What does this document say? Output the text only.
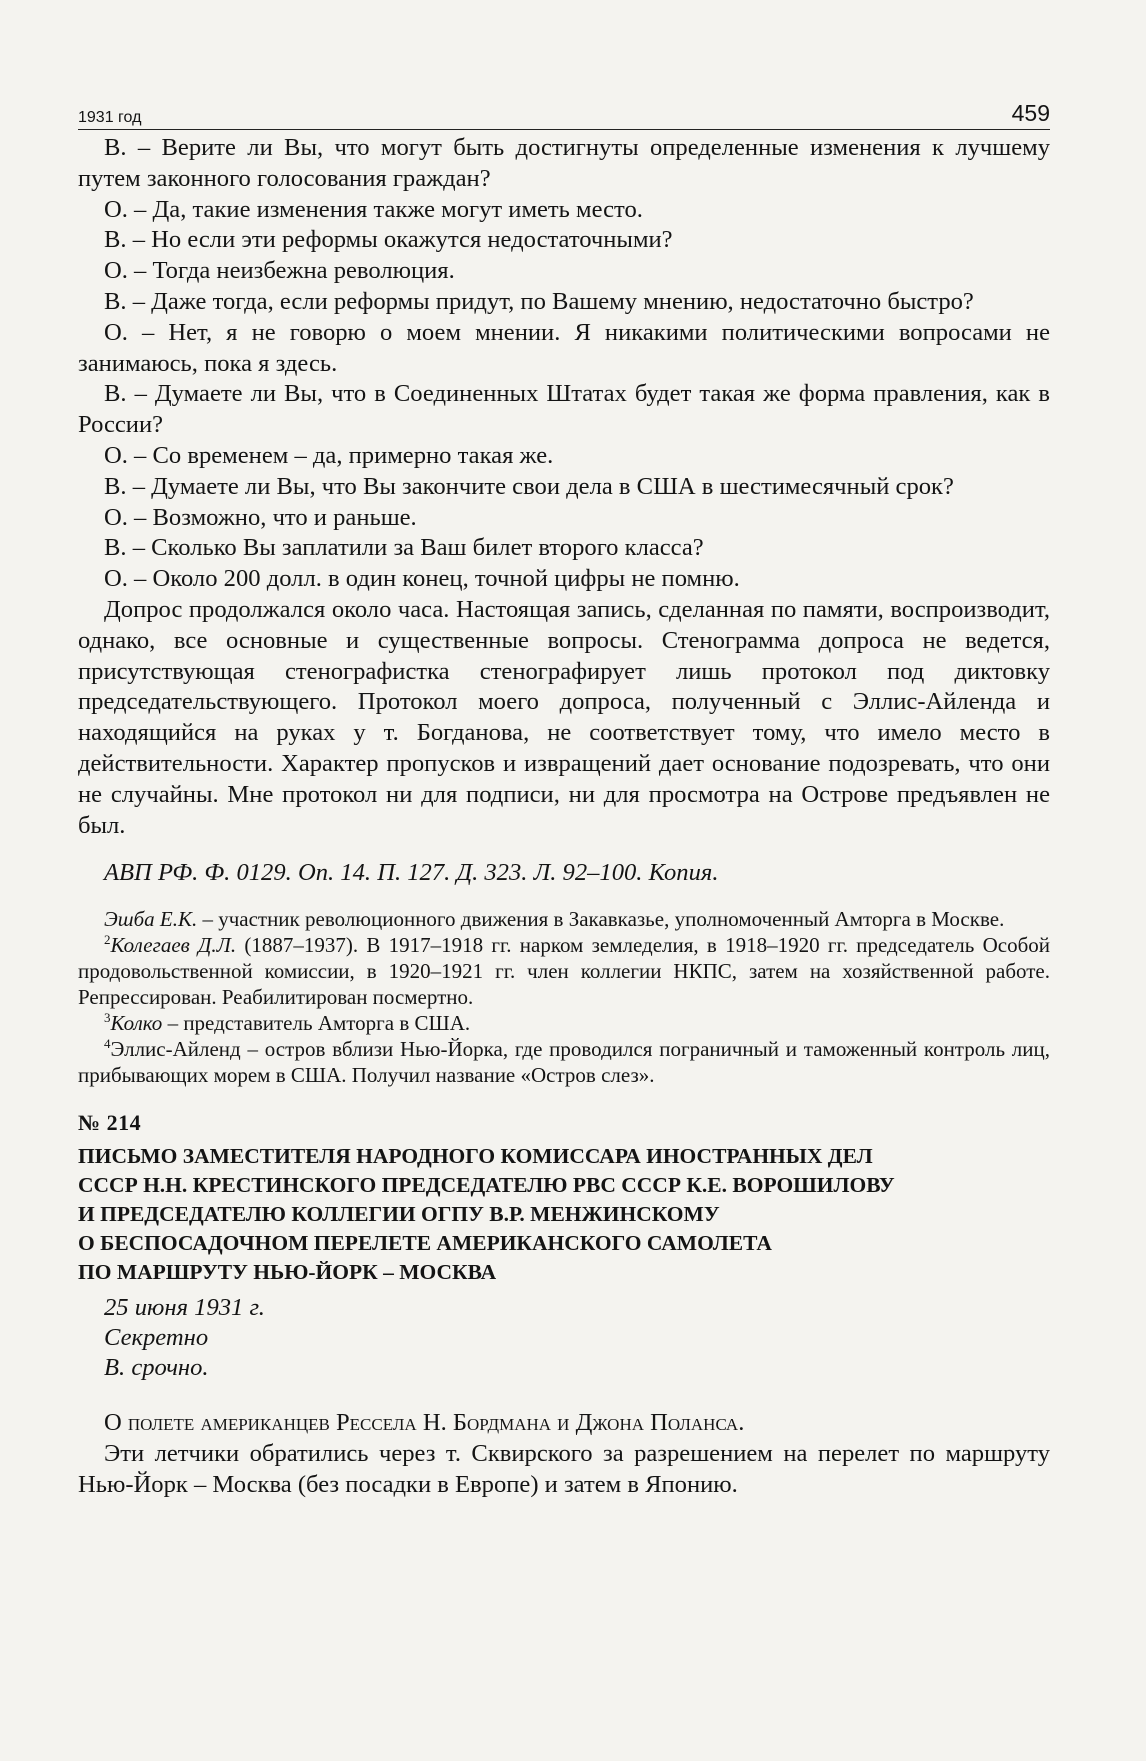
1931 год	459

В. – Верите ли Вы, что могут быть достигнуты определенные изменения к лучшему путем законного голосования граждан?

О. – Да, такие изменения также могут иметь место.

В. – Но если эти реформы окажутся недостаточными?

О. – Тогда неизбежна революция.

В. – Даже тогда, если реформы придут, по Вашему мнению, недостаточно быстро?

О. – Нет, я не говорю о моем мнении. Я никакими политическими вопросами не занимаюсь, пока я здесь.

В. – Думаете ли Вы, что в Соединенных Штатах будет такая же форма правления, как в России?

О. – Со временем – да, примерно такая же.

В. – Думаете ли Вы, что Вы закончите свои дела в США в шестимесячный срок?

О. – Возможно, что и раньше.

В. – Сколько Вы заплатили за Ваш билет второго класса?

О. – Около 200 долл. в один конец, точной цифры не помню.

Допрос продолжался около часа. Настоящая запись, сделанная по памяти, воспроизводит, однако, все основные и существенные вопросы. Стенограмма допроса не ведется, присутствующая стенографистка стенографирует лишь протокол под диктовку председательствующего. Протокол моего допроса, полученный с Эллис-Айленда и находящийся на руках у т. Богданова, не соответствует тому, что имело место в действительности. Характер пропусков и извращений дает основание подозревать, что они не случайны. Мне протокол ни для подписи, ни для просмотра на Острове предъявлен не был.

АВП РФ. Ф. 0129. Оп. 14. П. 127. Д. 323. Л. 92–100. Копия.

Эшба Е.К. – участник революционного движения в Закавказье, уполномоченный Амторга в Москве.

$^2$Колегаев Д.Л. (1887–1937). В 1917–1918 гг. нарком земледелия, в 1918–1920 гг. председатель Особой продовольственной комиссии, в 1920–1921 гг. член коллегии НКПС, затем на хозяйственной работе. Репрессирован. Реабилитирован посмертно.

$^3$Колко – представитель Амторга в США.

$^4$Эллис-Айленд – остров вблизи Нью-Йорка, где проводился пограничный и таможенный контроль лиц, прибывающих морем в США. Получил название «Остров слез».

№ 214
ПИСЬМО ЗАМЕСТИТЕЛЯ НАРОДНОГО КОМИССАРА ИНОСТРАННЫХ ДЕЛ
СССР Н.Н. КРЕСТИНСКОГО ПРЕДСЕДАТЕЛЮ РВС СССР К.Е. ВОРОШИЛОВУ
И ПРЕДСЕДАТЕЛЮ КОЛЛЕГИИ ОГПУ В.Р. МЕНЖИНСКОМУ
О БЕСПОСАДОЧНОМ ПЕРЕЛЕТЕ АМЕРИКАНСКОГО САМОЛЕТА
ПО МАРШРУТУ НЬЮ-ЙОРК – МОСКВА
25 июня 1931 г.
Секретно
В. срочно.

О полете американцев Ресcела Н. Бордмана и Джона Поланса.

Эти летчики обратились через т. Сквирского за разрешением на перелет по маршруту Нью-Йорк – Москва (без посадки в Европе) и затем в Японию.
